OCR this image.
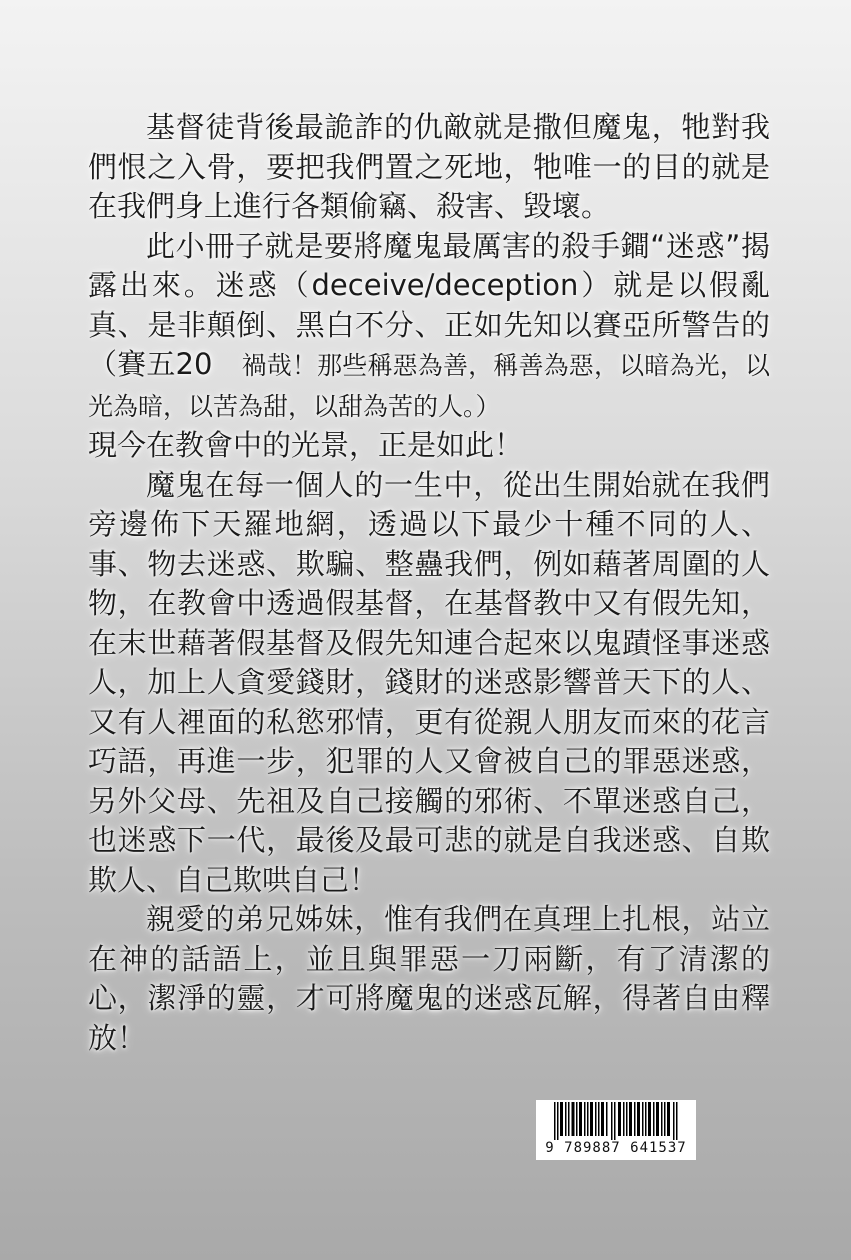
基督徒背後最詭詐的仇敵就是撒但魔鬼，牠對我們恨之入骨，要把我們置之死地，牠唯一的目的就是在我們身上進行各類偷竊、殺害、毀壞。

此小冊子就是要將魔鬼最厲害的殺手鐧“迷惑”揭露出來。迷惑（deceive/deception）就是以假亂真、是非顛倒、黑白不分、正如先知以賽亞所警告的（賽五20  禍哉！那些稱惡為善，稱善為惡，以暗為光，以光為暗，以苦為甜，以甜為苦的人。）

現今在教會中的光景，正是如此！

魔鬼在每一個人的一生中，從出生開始就在我們旁邊佈下天羅地網，透過以下最少十種不同的人、事、物去迷惑、欺騙、整蠱我們，例如藉著周圍的人物，在教會中透過假基督，在基督教中又有假先知，在末世藉著假基督及假先知連合起來以鬼蹟怪事迷惑人，加上人貪愛錢財，錢財的迷惑影響普天下的人、又有人裡面的私慾邪情，更有從親人朋友而來的花言巧語，再進一步，犯罪的人又會被自己的罪惡迷惑，另外父母、先祖及自己接觸的邪術、不單迷惑自己，也迷惑下一代，最後及最可悲的就是自我迷惑、自欺欺人、自己欺哄自己！

親愛的弟兄姊妹，惟有我們在真理上扎根，站立在神的話語上，並且與罪惡一刀兩斷，有了清潔的心，潔淨的靈，才可將魔鬼的迷惑瓦解，得著自由釋放！

9 789887 641537
